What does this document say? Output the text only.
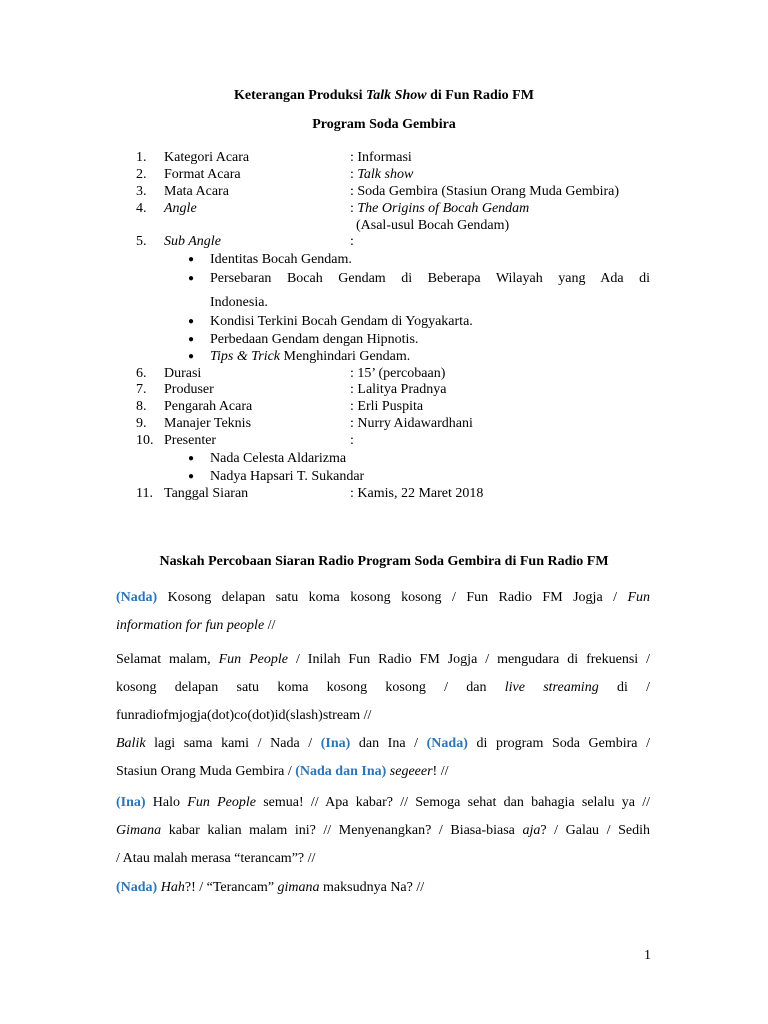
Keterangan Produksi Talk Show di Fun Radio FM
Program Soda Gembira
1. Kategori Acara	: Informasi
2. Format Acara	: Talk show
3. Mata Acara	: Soda Gembira (Stasiun Orang Muda Gembira)
4. Angle	: The Origins of Bocah Gendam
(Asal-usul Bocah Gendam)
5. Sub Angle	:
● Identitas Bocah Gendam.
● Persebaran Bocah Gendam di Beberapa Wilayah yang Ada di
Indonesia.
● Kondisi Terkini Bocah Gendam di Yogyakarta.
● Perbedaan Gendam dengan Hipnotis.
● Tips & Trick Menghindari Gendam.
6. Durasi	: 15’ (percobaan)
7. Produser	: Lalitya Pradnya
8. Pengarah Acara	: Erli Puspita
9. Manajer Teknis	: Nurry Aidawardhani
10. Presenter	:
● Nada Celesta Aldarizma
● Nadya Hapsari T. Sukandar
11. Tanggal Siaran	: Kamis, 22 Maret 2018
Naskah Percobaan Siaran Radio Program Soda Gembira di Fun Radio FM
(Nada) Kosong delapan satu koma kosong kosong / Fun Radio FM Jogja / Fun
information for fun people //
Selamat malam, Fun People / Inilah Fun Radio FM Jogja / mengudara di frekuensi /
kosong delapan satu koma kosong kosong / dan live streaming di /
funradiofmjogja(dot)co(dot)id(slash)stream //
Balik lagi sama kami / Nada / (Ina) dan Ina / (Nada) di program Soda Gembira /
Stasiun Orang Muda Gembira / (Nada dan Ina) segeeer! //
(Ina) Halo Fun People semua! // Apa kabar? // Semoga sehat dan bahagia selalu ya //
Gimana kabar kalian malam ini? // Menyenangkan? / Biasa-biasa aja? / Galau / Sedih
/ Atau malah merasa “terancam”? //
(Nada) Hah?! / “Terancam” gimana maksudnya Na? //
1
